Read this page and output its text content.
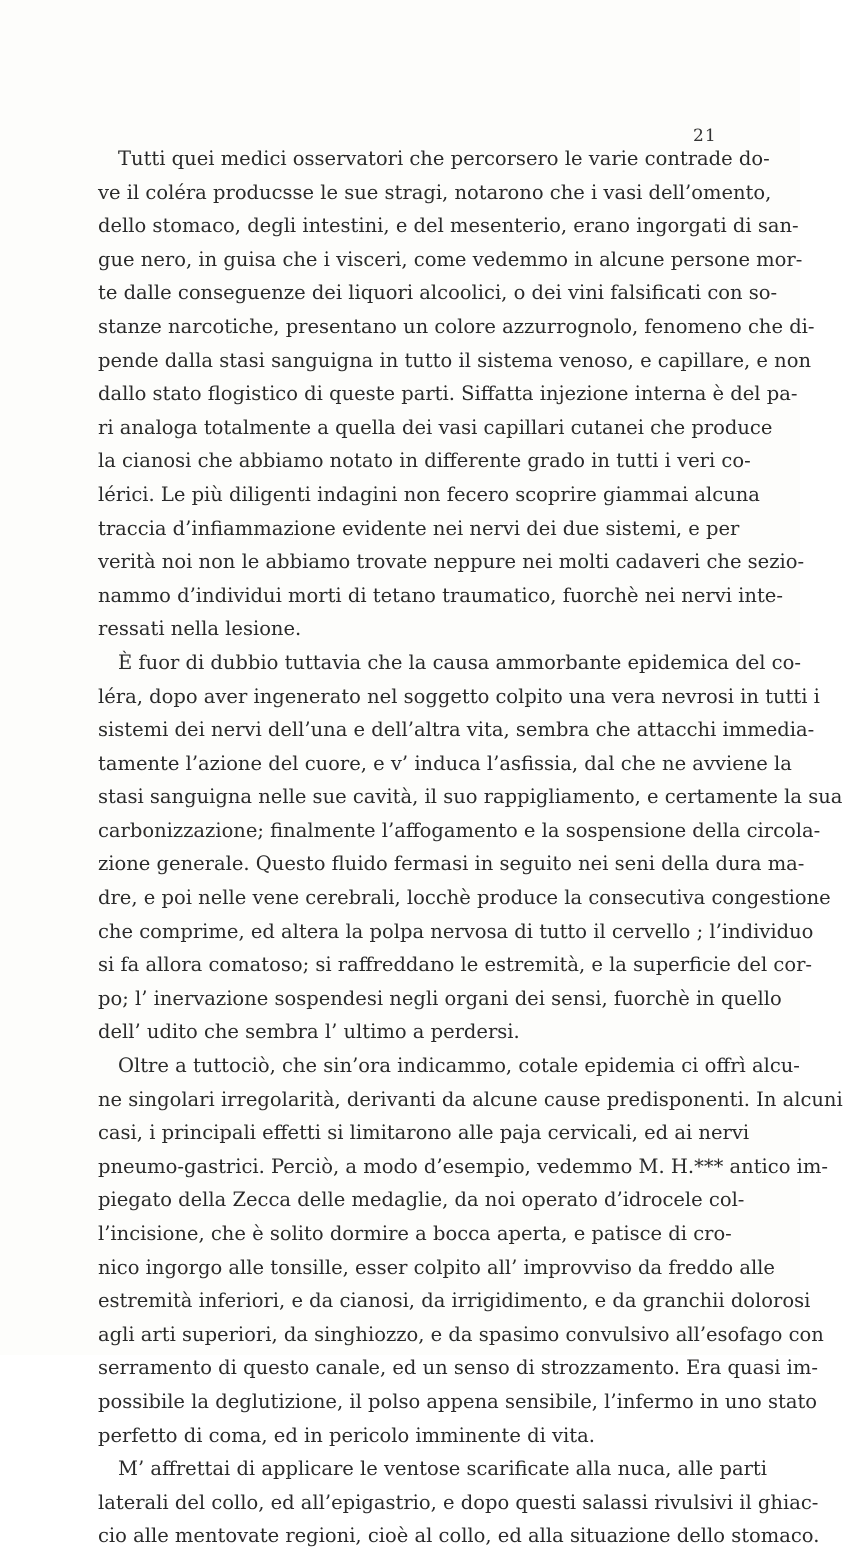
21
Tutti quei medici osservatori che percorsero le varie contrade do-
ve il coléra producsse le sue stragi, notarono che i vasi dell’omento,
dello stomaco, degli intestini, e del mesenterio, erano ingorgati di san-
gue nero, in guisa che i visceri, come vedemmo in alcune persone mor-
te dalle conseguenze dei liquori alcoolici, o dei vini falsificati con so-
stanze narcotiche, presentano un colore azzurrognolo, fenomeno che di-
pende dalla stasi sanguigna in tutto il sistema venoso, e capillare, e non
dallo stato flogistico di queste parti. Siffatta injezione interna è del pa-
ri analoga totalmente a quella dei vasi capillari cutanei che produce
la cianosi che abbiamo notato in differente grado in tutti i veri co-
lérici. Le più diligenti indagini non fecero scoprire giammai alcuna
traccia d’infiammazione evidente nei nervi dei due sistemi, e per
verità noi non le abbiamo trovate neppure nei molti cadaveri che sezio-
nammo d’individui morti di tetano traumatico, fuorchè nei nervi inte-
ressati nella lesione.
È fuor di dubbio tuttavia che la causa ammorbante epidemica del co-
léra, dopo aver ingenerato nel soggetto colpito una vera nevrosi in tutti i
sistemi dei nervi dell’una e dell’altra vita, sembra che attacchi immedia-
tamente l’azione del cuore, e v’ induca l’asfissia, dal che ne avviene la
stasi sanguigna nelle sue cavità, il suo rappigliamento, e certamente la sua
carbonizzazione; finalmente l’affogamento e la sospensione della circola-
zione generale. Questo fluido fermasi in seguito nei seni della dura ma-
dre, e poi nelle vene cerebrali, locchè produce la consecutiva congestione
che comprime, ed altera la polpa nervosa di tutto il cervello ; l’individuo
si fa allora comatoso; si raffreddano le estremità, e la superficie del cor-
po; l’ inervazione sospendesi negli organi dei sensi, fuorchè in quello
dell’ udito che sembra l’ ultimo a perdersi.
Oltre a tuttociò, che sin’ora indicammo, cotale epidemia ci offrì alcu-
ne singolari irregolarità, derivanti da alcune cause predisponenti. In alcuni
casi, i principali effetti si limitarono alle paja cervicali, ed ai nervi
pneumo-gastrici. Perciò, a modo d’esempio, vedemmo M. H.*** antico im-
piegato della Zecca delle medaglie, da noi operato d’idrocele col-
l’incisione, che è solito dormire a bocca aperta, e patisce di cro-
nico ingorgo alle tonsille, esser colpito all’ improvviso da freddo alle
estremità inferiori, e da cianosi, da irrigidimento, e da granchii dolorosi
agli arti superiori, da singhiozzo, e da spasimo convulsivo all’esofago con
serramento di questo canale, ed un senso di strozzamento. Era quasi im-
possibile la deglutizione, il polso appena sensibile, l’infermo in uno stato
perfetto di coma, ed in pericolo imminente di vita.
M’ affrettai di applicare le ventose scarificate alla nuca, alle parti
laterali del collo, ed all’epigastrio, e dopo questi salassi rivulsivi il ghiac-
cio alle mentovate regioni, cioè al collo, ed alla situazione dello stomaco.
